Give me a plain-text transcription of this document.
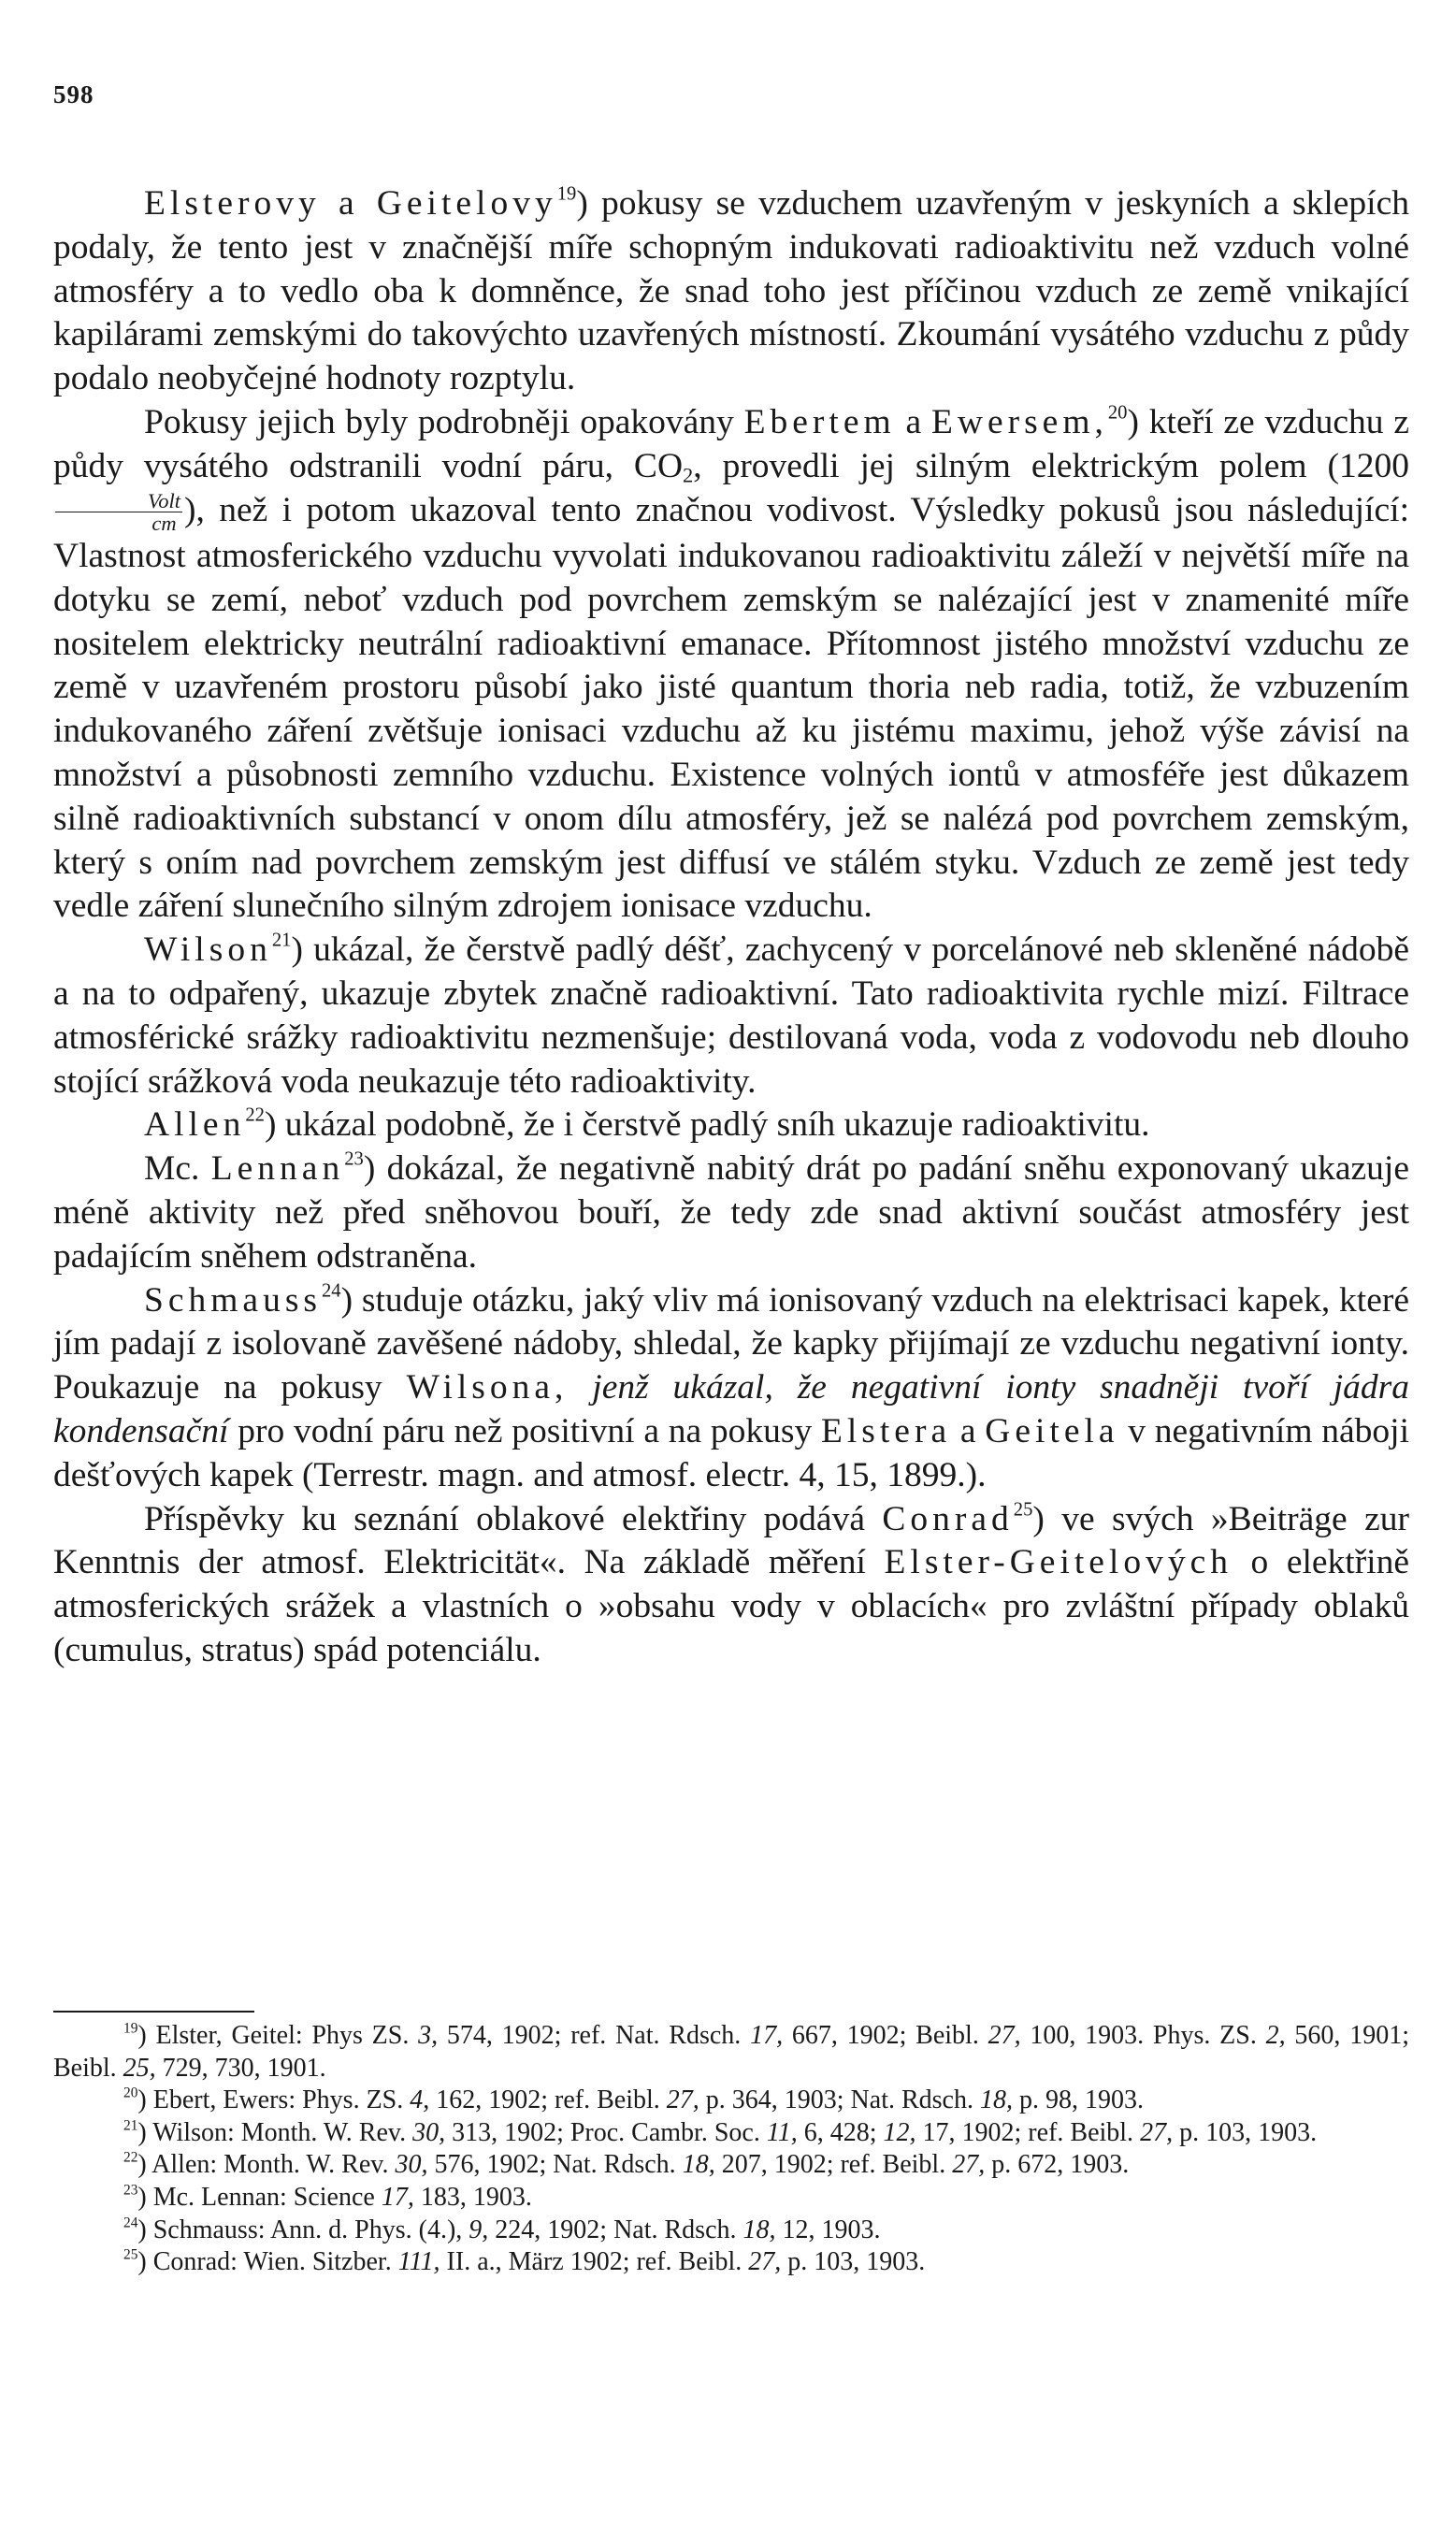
598

Elsterovy a Geitelovy$^{19}$) pokusy se vzduchem uzavřeným v jeskyních a sklepích podaly, že tento jest v značnější míře schopným indukovati radioaktivitu než vzduch volné atmosféry a to vedlo oba k domněnce, že snad toho jest příčinou vzduch ze země vnikající kapilárami zemskými do takovýchto uzavřených místností. Zkoumání vysátého vzduchu z půdy podalo neobyčejné hodnoty rozptylu.

Pokusy jejich byly podrobněji opakovány Ebertem a Ewersem,$^{20}$) kteří ze vzduchu z půdy vysátého odstranili vodní páru, $CO_2$, provedli jej silným elektrickým polem (1200
$\frac{\text{Volt}}{cm}$ ), než i potom ukazoval tento značnou vodivost. Výsledky pokusů jsou následující: Vlastnost atmosferického vzduchu vyvolati indukovanou radioaktivitu záleží v největší míře na dotyku se zemí, neboť vzduch pod povrchem zemským se nalézající jest v znamenité míře nositelem elektricky neutrální radioaktivní emanace. Přítomnost jistého množství vzduchu ze země v uzavřeném prostoru působí jako jisté quantum thoria neb radia, totiž, že vzbuzením indukovaného záření zvětšuje ionisaci vzduchu až ku jistému maximu, jehož výše závisí na množství a působnosti zemního vzduchu. Existence volných iontů v atmosféře jest důkazem silně radioaktivních substancí v onom dílu atmosféry, jež se nalézá pod povrchem zemským, který s oním nad povrchem zemským jest diffusí ve stálém styku. Vzduch ze země jest tedy vedle záření slunečního silným zdrojem ionisace vzduchu.

Wilson$^{21}$) ukázal, že čerstvě padlý déšť, zachycený v porcelánové neb skleněné nádobě a na to odpařený, ukazuje zbytek značně radioaktivní. Tato radioaktivita rychle mizí. Filtrace atmosférické srážky radioaktivitu nezmenšuje; destilovaná voda, voda z vodovodu neb dlouho stojící srážková voda neukazuje této radioaktivity.

Allen$^{22}$) ukázal podobně, že i čerstvě padlý sníh ukazuje radioaktivitu.

Mc. Lennan$^{23}$) dokázal, že negativně nabitý drát po padání sněhu exponovaný ukazuje méně aktivity než před sněhovou bouří, že tedy zde snad aktivní součást atmosféry jest padajícím sněhem odstraněna.

Schmauss$^{24}$) studuje otázku, jaký vliv má ionisovaný vzduch na elektrisaci kapek, které jím padají z isolovaně zavěšené nádoby, shledal, že kapky přijímají ze vzduchu negativní ionty. Poukazuje na pokusy Wilsona, jenž ukázal, že negativní ionty snadněji tvoří jádra kondensační pro vodní páru než positivní a na pokusy Elstera a Geitela v negativním náboji dešťových kapek (Terrestr. magn. and atmosf. electr. 4, 15, 1899.).

Příspěvky ku seznání oblakové elektřiny podává Conrad$^{25}$) ve svých »Beiträge zur Kenntnis der atmosf. Elektricität«. Na základě měření Elster-Geitelových o elektřině atmosferických srážek a vlastních o »obsahu vody v oblacích« pro zvláštní případy oblaků (cumulus, stratus) spád potenciálu.

$^{19}$) Elster, Geitel: Phys ZS. 3, 574, 1902; ref. Nat. Rdsch. 17, 667, 1902; Beibl. 27, 100, 1903. Phys. ZS. 2, 560, 1901; Beibl. 25, 729, 730, 1901.

$^{20}$) Ebert, Ewers: Phys. ZS. 4, 162, 1902; ref. Beibl. 27, p. 364, 1903; Nat. Rdsch. 18, p. 98, 1903.

$^{21}$) Wilson: Month. W. Rev. 30, 313, 1902; Proc. Cambr. Soc. 11, 6, 428; 12, 17, 1902; ref. Beibl. 27, p. 103, 1903.

$^{22}$) Allen: Month. W. Rev. 30, 576, 1902; Nat. Rdsch. 18, 207, 1902; ref. Beibl. 27, p. 672, 1903.

$^{23}$) Mc. Lennan: Science 17, 183, 1903.

$^{24}$) Schmauss: Ann. d. Phys. (4.), 9, 224, 1902; Nat. Rdsch. 18, 12, 1903.

$^{25}$) Conrad: Wien. Sitzber. 111, II. a., März 1902; ref. Beibl. 27, p. 103, 1903.
